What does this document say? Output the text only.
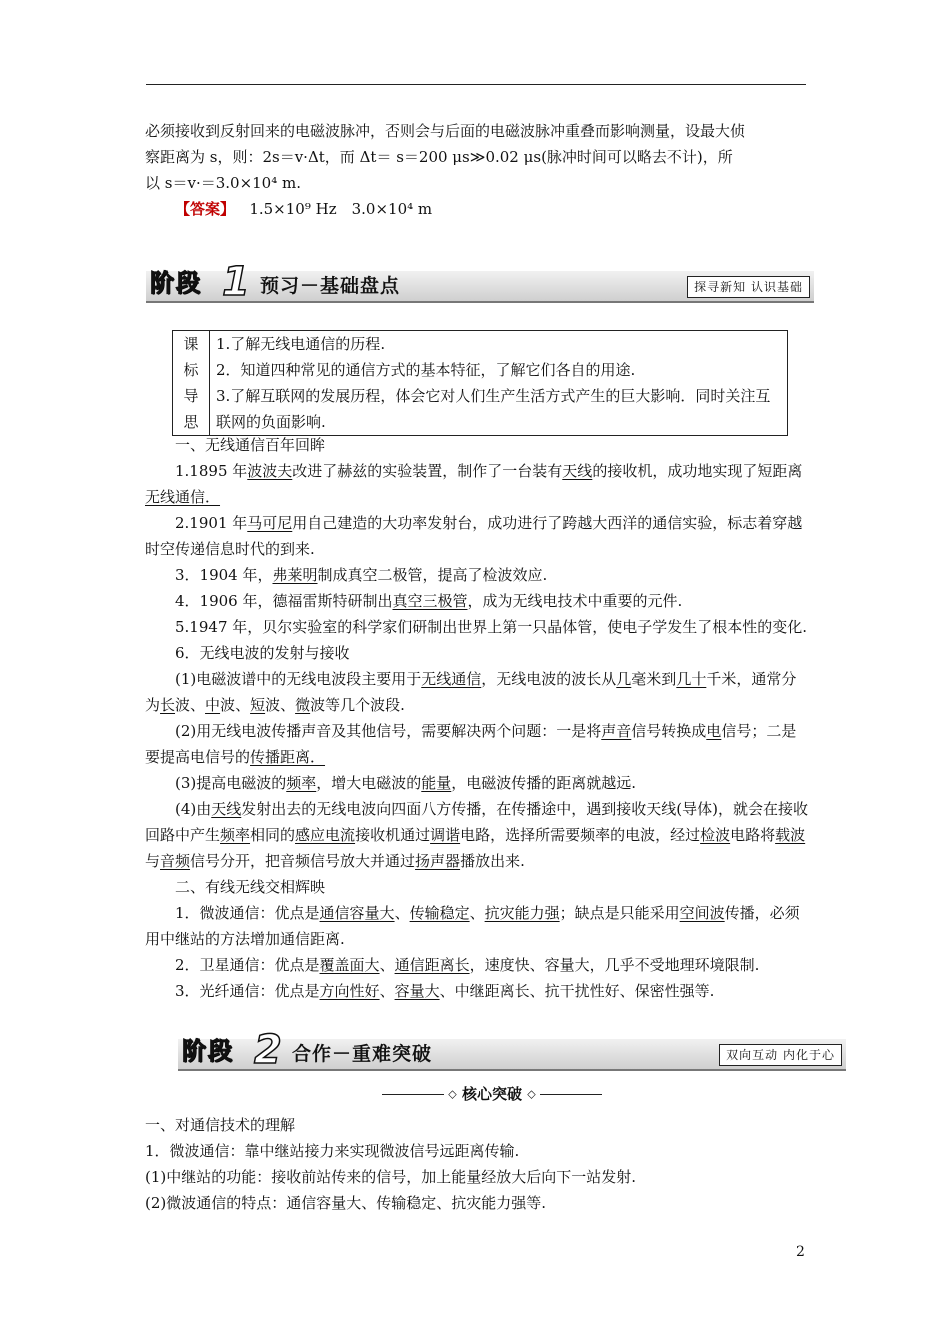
必须接收到反射回来的电磁波脉冲，否则会与后面的电磁波脉冲重叠而影响测量，设最大侦

察距离为 s，则：2s＝v·Δt，而 Δt＝ s＝200 μs≫0.02 μs(脉冲时间可以略去不计)，所

以 s＝v·＝3.0×10⁴ m.

【答案】 1.5×10⁹ Hz　3.0×10⁴ m

阶段 1 预习－基础盘点	探寻新知 认识基础
课
标
导
思

1.了解无线电通信的历程.
2．知道四种常见的通信方式的基本特征，了解它们各自的用途.
3.了解互联网的发展历程，体会它对人们生产生活方式产生的巨大影响．同时关注互联网的负面影响.

一、无线通信百年回眸

1.1895 年波波夫改进了赫兹的实验装置，制作了一台装有天线的接收机，成功地实现了短距离无线通信．

2.1901 年马可尼用自己建造的大功率发射台，成功进行了跨越大西洋的通信实验，标志着穿越时空传递信息时代的到来.

3．1904 年，弗莱明制成真空二极管，提高了检波效应.

4．1906 年，德福雷斯特研制出真空三极管，成为无线电技术中重要的元件.

5.1947 年，贝尔实验室的科学家们研制出世界上第一只晶体管，使电子学发生了根本性的变化.

6．无线电波的发射与接收

(1)电磁波谱中的无线电波段主要用于无线通信，无线电波的波长从几毫米到几十千米，通常分为长波、中波、短波、微波等几个波段.

(2)用无线电波传播声音及其他信号，需要解决两个问题：一是将声音信号转换成电信号；二是要提高电信号的传播距离．

(3)提高电磁波的频率，增大电磁波的能量，电磁波传播的距离就越远.

(4)由天线发射出去的无线电波向四面八方传播，在传播途中，遇到接收天线(导体)，就会在接收回路中产生频率相同的感应电流接收机通过调谐电路，选择所需要频率的电波，经过检波电路将载波与音频信号分开，把音频信号放大并通过扬声器播放出来.

二、有线无线交相辉映

1．微波通信：优点是通信容量大、传输稳定、抗灾能力强；缺点是只能采用空间波传播，必须用中继站的方法增加通信距离.

2．卫星通信：优点是覆盖面大、通信距离长，速度快、容量大，几乎不受地理环境限制.

3．光纤通信：优点是方向性好、容量大、中继距离长、抗干扰性好、保密性强等.

阶段 2 合作－重难突破	双向互动 内化于心
◇ 核心突破 ◇

一、对通信技术的理解

1．微波通信：靠中继站接力来实现微波信号远距离传输.

(1)中继站的功能：接收前站传来的信号，加上能量经放大后向下一站发射.

(2)微波通信的特点：通信容量大、传输稳定、抗灾能力强等.

2
